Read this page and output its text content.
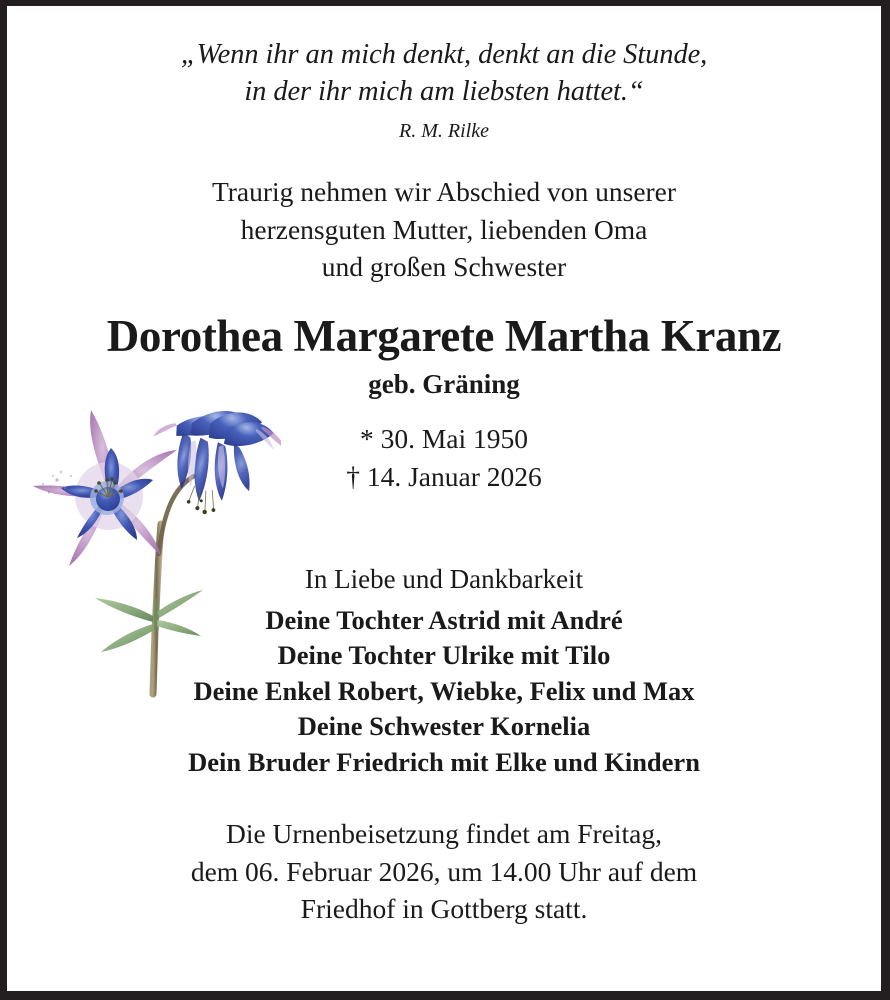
„Wenn ihr an mich denkt, denkt an die Stunde,
in der ihr mich am liebsten hattet.“
R. M. Rilke
Traurig nehmen wir Abschied von unserer
herzensguten Mutter, liebenden Oma
und großen Schwester
Dorothea Margarete Martha Kranz
geb. Gräning
* 30. Mai 1950
† 14. Januar 2026
In Liebe und Dankbarkeit
Deine Tochter Astrid mit André
Deine Tochter Ulrike mit Tilo
Deine Enkel Robert, Wiebke, Felix und Max
Deine Schwester Kornelia
Dein Bruder Friedrich mit Elke und Kindern
Die Urnenbeisetzung findet am Freitag,
dem 06. Februar 2026, um 14.00 Uhr auf dem
Friedhof in Gottberg statt.
